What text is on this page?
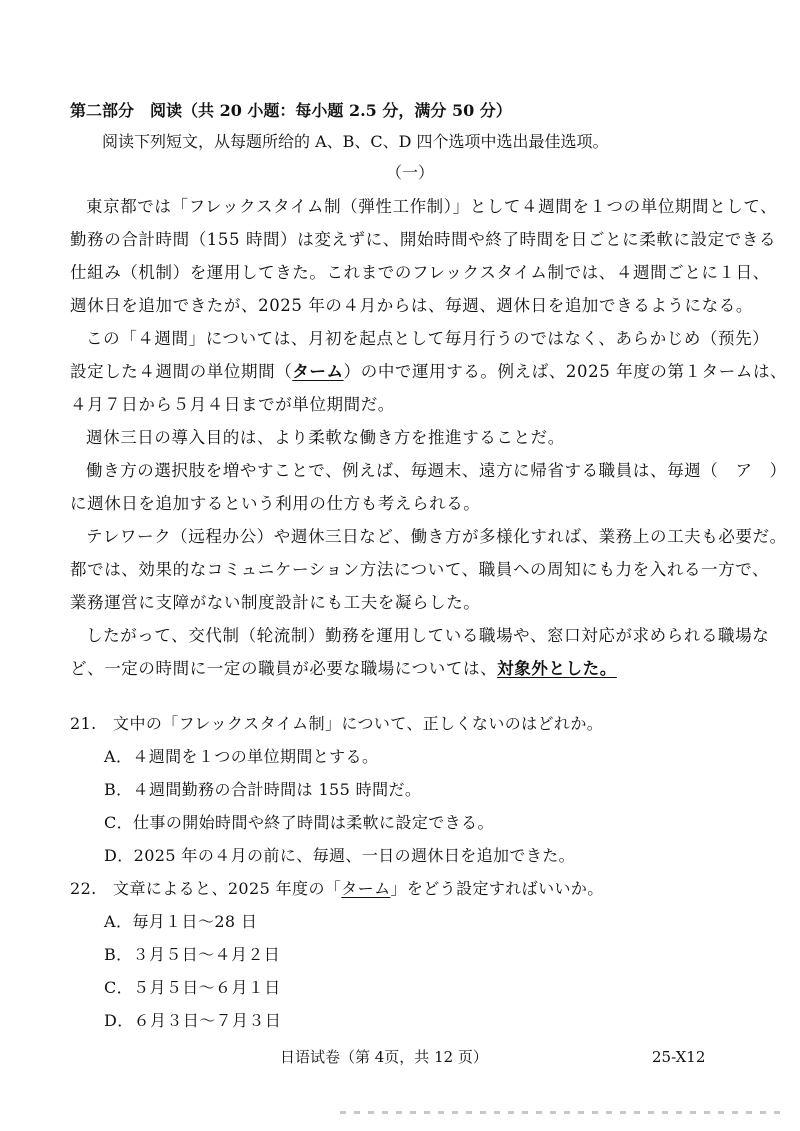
第二部分　阅读（共 20 小题：每小题 2.5 分，满分 50 分）
阅读下列短文，从每题所给的 A、B、C、D 四个选项中选出最佳选项。
（一）
東京都では「フレックスタイム制（弾性工作制）」として４週間を１つの単位期間として、
勤務の合計時間（155 時間）は変えずに、開始時間や終了時間を日ごとに柔軟に設定できる
仕組み（机制）を運用してきた。これまでのフレックスタイム制では、４週間ごとに１日、
週休日を追加できたが、2025 年の４月からは、毎週、週休日を追加できるようになる。
この「４週間」については、月初を起点として毎月行うのではなく、あらかじめ（预先）
設定した４週間の単位期間（ターム）の中で運用する。例えば、2025 年度の第１タームは、
４月７日から５月４日までが単位期間だ。
週休三日の導入目的は、より柔軟な働き方を推進することだ。
働き方の選択肢を増やすことで、例えば、毎週末、遠方に帰省する職員は、毎週（　ア　）
に週休日を追加するという利用の仕方も考えられる。
テレワーク（远程办公）や週休三日など、働き方が多様化すれば、業務上の工夫も必要だ。
都では、効果的なコミュニケーション方法について、職員への周知にも力を入れる一方で、
業務運営に支障がない制度設計にも工夫を凝らした。
したがって、交代制（轮流制）勤務を運用している職場や、窓口対応が求められる職場な
ど、一定の時間に一定の職員が必要な職場については、対象外とした。
21.　文中の「フレックスタイム制」について、正しくないのはどれか。
A．４週間を１つの単位期間とする。
B．４週間勤務の合計時間は 155 時間だ。
C．仕事の開始時間や終了時間は柔軟に設定できる。
D．2025 年の４月の前に、毎週、一日の週休日を追加できた。
22.　文章によると、2025 年度の「ターム」をどう設定すればいいか。
A．毎月１日～28 日
B．３月５日～４月２日
C．５月５日～６月１日
D．６月３日～７月３日
日语试卷（第 4页，共 12 页）	25-X12
